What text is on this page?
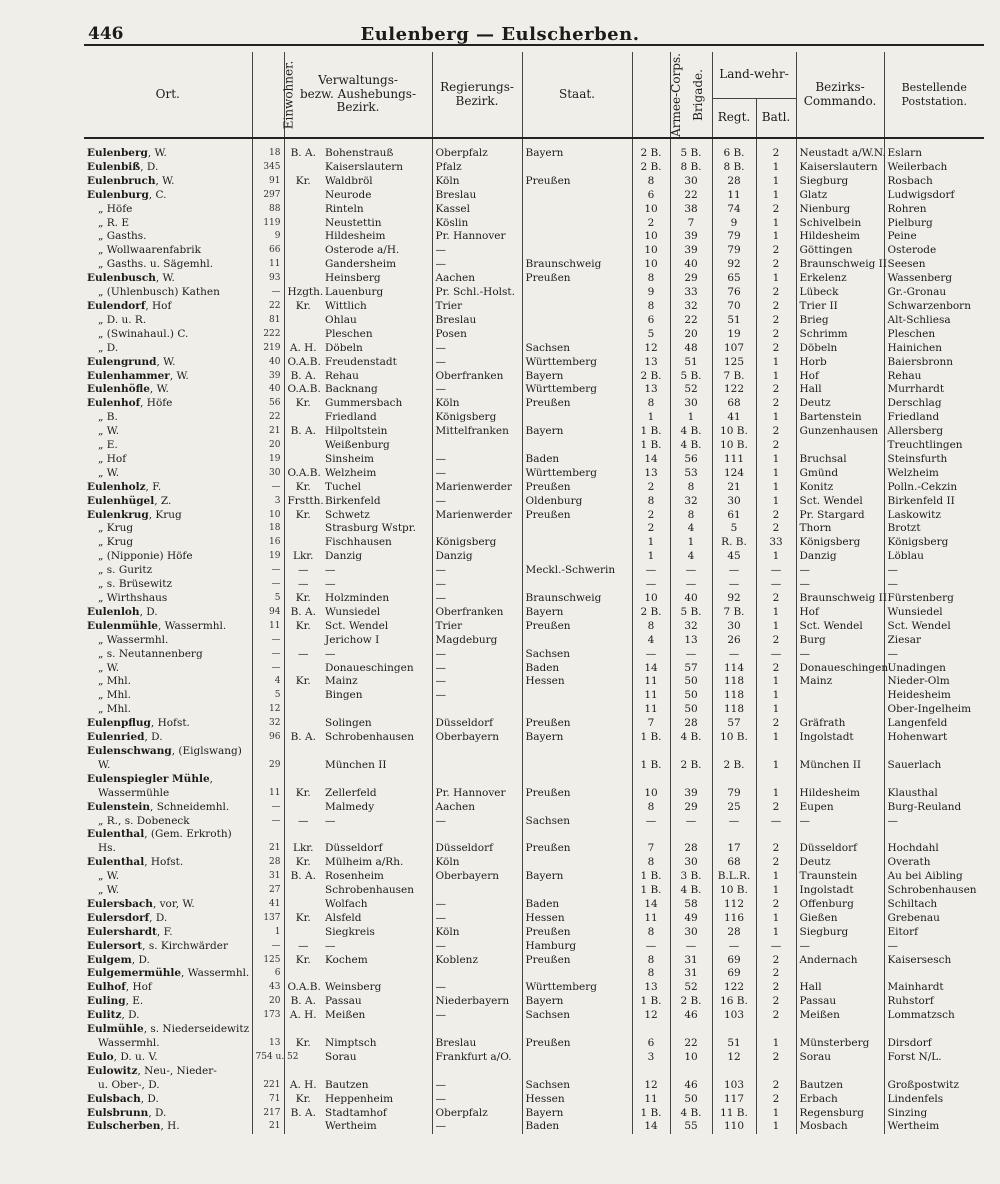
446	Eulenberg — Eulscherben.
Ort.	Einwohner.	Verwaltungs-
bezw. Aushebungs-
Bezirk.		Regierungs-
Bezirk.	Staat.	Armee-Corps.	Brigade.	Land-wehr-		Bezirks-
Commando.	Bestellende
Poststation.

								Regt.	Batl.		
Eulenberg, W.	18	B. A.	Bohenstrauß	Oberpfalz	Bayern	2 B.	5 B.	6 B.	2	Neustadt a/W.N.	Eslarn
Eulenbiß, D.	345		Kaiserslautern	Pfalz		2 B.	8 B.	8 B.	1	Kaiserslautern	Weilerbach
Eulenbruch, W.	91	Kr.	Waldbröl	Köln	Preußen	8	30	28	1	Siegburg	Rosbach
Eulenburg, C.	297		Neurode	Breslau		6	22	11	1	Glatz	Ludwigsdorf
„ Höfe	88		Rinteln	Kassel		10	38	74	2	Nienburg	Rohren
„ R. E	119		Neustettin	Köslin		2	7	9	1	Schivelbein	Pielburg
„ Gasths.	9		Hildesheim	Pr. Hannover		10	39	79	1	Hildesheim	Peine
„ Wollwaarenfabrik	66		Osterode a/H.	—		10	39	79	2	Göttingen	Osterode
„ Gasths. u. Sägemhl.	11		Gandersheim	—	Braunschweig	10	40	92	2	Braunschweig II	Seesen
Eulenbusch, W.	93		Heinsberg	Aachen	Preußen	8	29	65	1	Erkelenz	Wassenberg
„ (Uhlenbusch) Kathen	—	Hzgth.	Lauenburg	Pr. Schl.-Holst.		9	33	76	2	Lübeck	Gr.-Gronau
Eulendorf, Hof	22	Kr.	Wittlich	Trier		8	32	70	2	Trier II	Schwarzenborn
„ D. u. R.	81		Ohlau	Breslau		6	22	51	2	Brieg	Alt-Schliesa
„ (Swinahaul.) C.	222		Pleschen	Posen		5	20	19	2	Schrimm	Pleschen
„ D.	219	A. H.	Döbeln	—	Sachsen	12	48	107	2	Döbeln	Hainichen
Eulengrund, W.	40	O.A.B.	Freudenstadt	—	Württemberg	13	51	125	1	Horb	Baiersbronn
Eulenhammer, W.	39	B. A.	Rehau	Oberfranken	Bayern	2 B.	5 B.	7 B.	1	Hof	Rehau
Eulenhöfle, W.	40	O.A.B.	Backnang	—	Württemberg	13	52	122	2	Hall	Murrhardt
Eulenhof, Höfe	56	Kr.	Gummersbach	Köln	Preußen	8	30	68	2	Deutz	Derschlag
„ B.	22		Friedland	Königsberg		1	1	41	1	Bartenstein	Friedland
„ W.	21	B. A.	Hilpoltstein	Mittelfranken	Bayern	1 B.	4 B.	10 B.	2	Gunzenhausen	Allersberg
„ E.	20		Weißenburg			1 B.	4 B.	10 B.	2		Treuchtlingen
„ Hof	19		Sinsheim	—	Baden	14	56	111	1	Bruchsal	Steinsfurth
„ W.	30	O.A.B.	Welzheim	—	Württemberg	13	53	124	1	Gmünd	Welzheim
Eulenholz, F.	—	Kr.	Tuchel	Marienwerder	Preußen	2	8	21	1	Konitz	Polln.-Cekzin
Eulenhügel, Z.	3	Frstth.	Birkenfeld	—	Oldenburg	8	32	30	1	Sct. Wendel	Birkenfeld II
Eulenkrug, Krug	10	Kr.	Schwetz	Marienwerder	Preußen	2	8	61	2	Pr. Stargard	Laskowitz
„ Krug	18		Strasburg Wstpr.			2	4	5	2	Thorn	Brotzt
„ Krug	16		Fischhausen	Königsberg		1	1	R. B.	33	Königsberg	Königsberg
„ (Nipponie) Höfe	19	Lkr.	Danzig	Danzig		1	4	45	1	Danzig	Löblau
„ s. Guritz	—	—	—	—	Meckl.-Schwerin	—	—	—	—	—	—
„ s. Brüsewitz	—	—	—	—		—	—	—	—	—	—
„ Wirthshaus	5	Kr.	Holzminden	—	Braunschweig	10	40	92	2	Braunschweig II	Fürstenberg
Eulenloh, D.	94	B. A.	Wunsiedel	Oberfranken	Bayern	2 B.	5 B.	7 B.	1	Hof	Wunsiedel
Eulenmühle, Wassermhl.	11	Kr.	Sct. Wendel	Trier	Preußen	8	32	30	1	Sct. Wendel	Sct. Wendel
„ Wassermhl.	—		Jerichow I	Magdeburg		4	13	26	2	Burg	Ziesar
„ s. Neutannenberg	—	—	—	—	Sachsen	—	—	—	—	—	—
„ W.	—		Donaueschingen	—	Baden	14	57	114	2	Donaueschingen	Unadingen
„ Mhl.	4	Kr.	Mainz	—	Hessen	11	50	118	1	Mainz	Nieder-Olm
„ Mhl.	5		Bingen	—		11	50	118	1		Heidesheim
„ Mhl.	12					11	50	118	1		Ober-Ingelheim
Eulenpflug, Hofst.	32		Solingen	Düsseldorf	Preußen	7	28	57	2	Gräfrath	Langenfeld
Eulenried, D.	96	B. A.	Schrobenhausen	Oberbayern	Bayern	1 B.	4 B.	10 B.	1	Ingolstadt	Hohenwart
Eulenschwang, (Eiglswang)											
W.	29		München II			1 B.	2 B.	2 B.	1	München II	Sauerlach
Eulenspiegler Mühle,											
Wassermühle	11	Kr.	Zellerfeld	Pr. Hannover	Preußen	10	39	79	1	Hildesheim	Klausthal
Eulenstein, Schneidemhl.	—		Malmedy	Aachen		8	29	25	2	Eupen	Burg-Reuland
„ R., s. Dobeneck	—	—	—	—	Sachsen	—	—	—	—	—	—
Eulenthal, (Gem. Erkroth)											
Hs.	21	Lkr.	Düsseldorf	Düsseldorf	Preußen	7	28	17	2	Düsseldorf	Hochdahl
Eulenthal, Hofst.	28	Kr.	Mülheim a/Rh.	Köln		8	30	68	2	Deutz	Overath
„ W.	31	B. A.	Rosenheim	Oberbayern	Bayern	1 B.	3 B.	B.L.R.	1	Traunstein	Au bei Aibling
„ W.	27		Schrobenhausen			1 B.	4 B.	10 B.	1	Ingolstadt	Schrobenhausen
Eulersbach, vor, W.	41		Wolfach	—	Baden	14	58	112	2	Offenburg	Schiltach
Eulersdorf, D.	137	Kr.	Alsfeld	—	Hessen	11	49	116	1	Gießen	Grebenau
Eulershardt, F.	1		Siegkreis	Köln	Preußen	8	30	28	1	Siegburg	Eitorf
Eulersort, s. Kirchwärder	—	—	—	—	Hamburg	—	—	—	—	—	—
Eulgem, D.	125	Kr.	Kochem	Koblenz	Preußen	8	31	69	2	Andernach	Kaisersesch
Eulgemermühle, Wassermhl.	6					8	31	69	2		
Eulhof, Hof	43	O.A.B.	Weinsberg	—	Württemberg	13	52	122	2	Hall	Mainhardt
Euling, E.	20	B. A.	Passau	Niederbayern	Bayern	1 B.	2 B.	16 B.	2	Passau	Ruhstorf
Eulitz, D.	173	A. H.	Meißen	—	Sachsen	12	46	103	2	Meißen	Lommatzsch
Eulmühle, s. Niederseidewitz											
Wassermhl.	13	Kr.	Nimptsch	Breslau	Preußen	6	22	51	1	Münsterberg	Dirsdorf
Eulo, D. u. V.	754 u. 52		Sorau	Frankfurt a/O.		3	10	12	2	Sorau	Forst N/L.
Eulowitz, Neu-, Nieder-											
u. Ober-, D.	221	A. H.	Bautzen	—	Sachsen	12	46	103	2	Bautzen	Großpostwitz
Eulsbach, D.	71	Kr.	Heppenheim	—	Hessen	11	50	117	2	Erbach	Lindenfels
Eulsbrunn, D.	217	B. A.	Stadtamhof	Oberpfalz	Bayern	1 B.	4 B.	11 B.	1	Regensburg	Sinzing
Eulscherben, H.	21		Wertheim	—	Baden	14	55	110	1	Mosbach	Wertheim
